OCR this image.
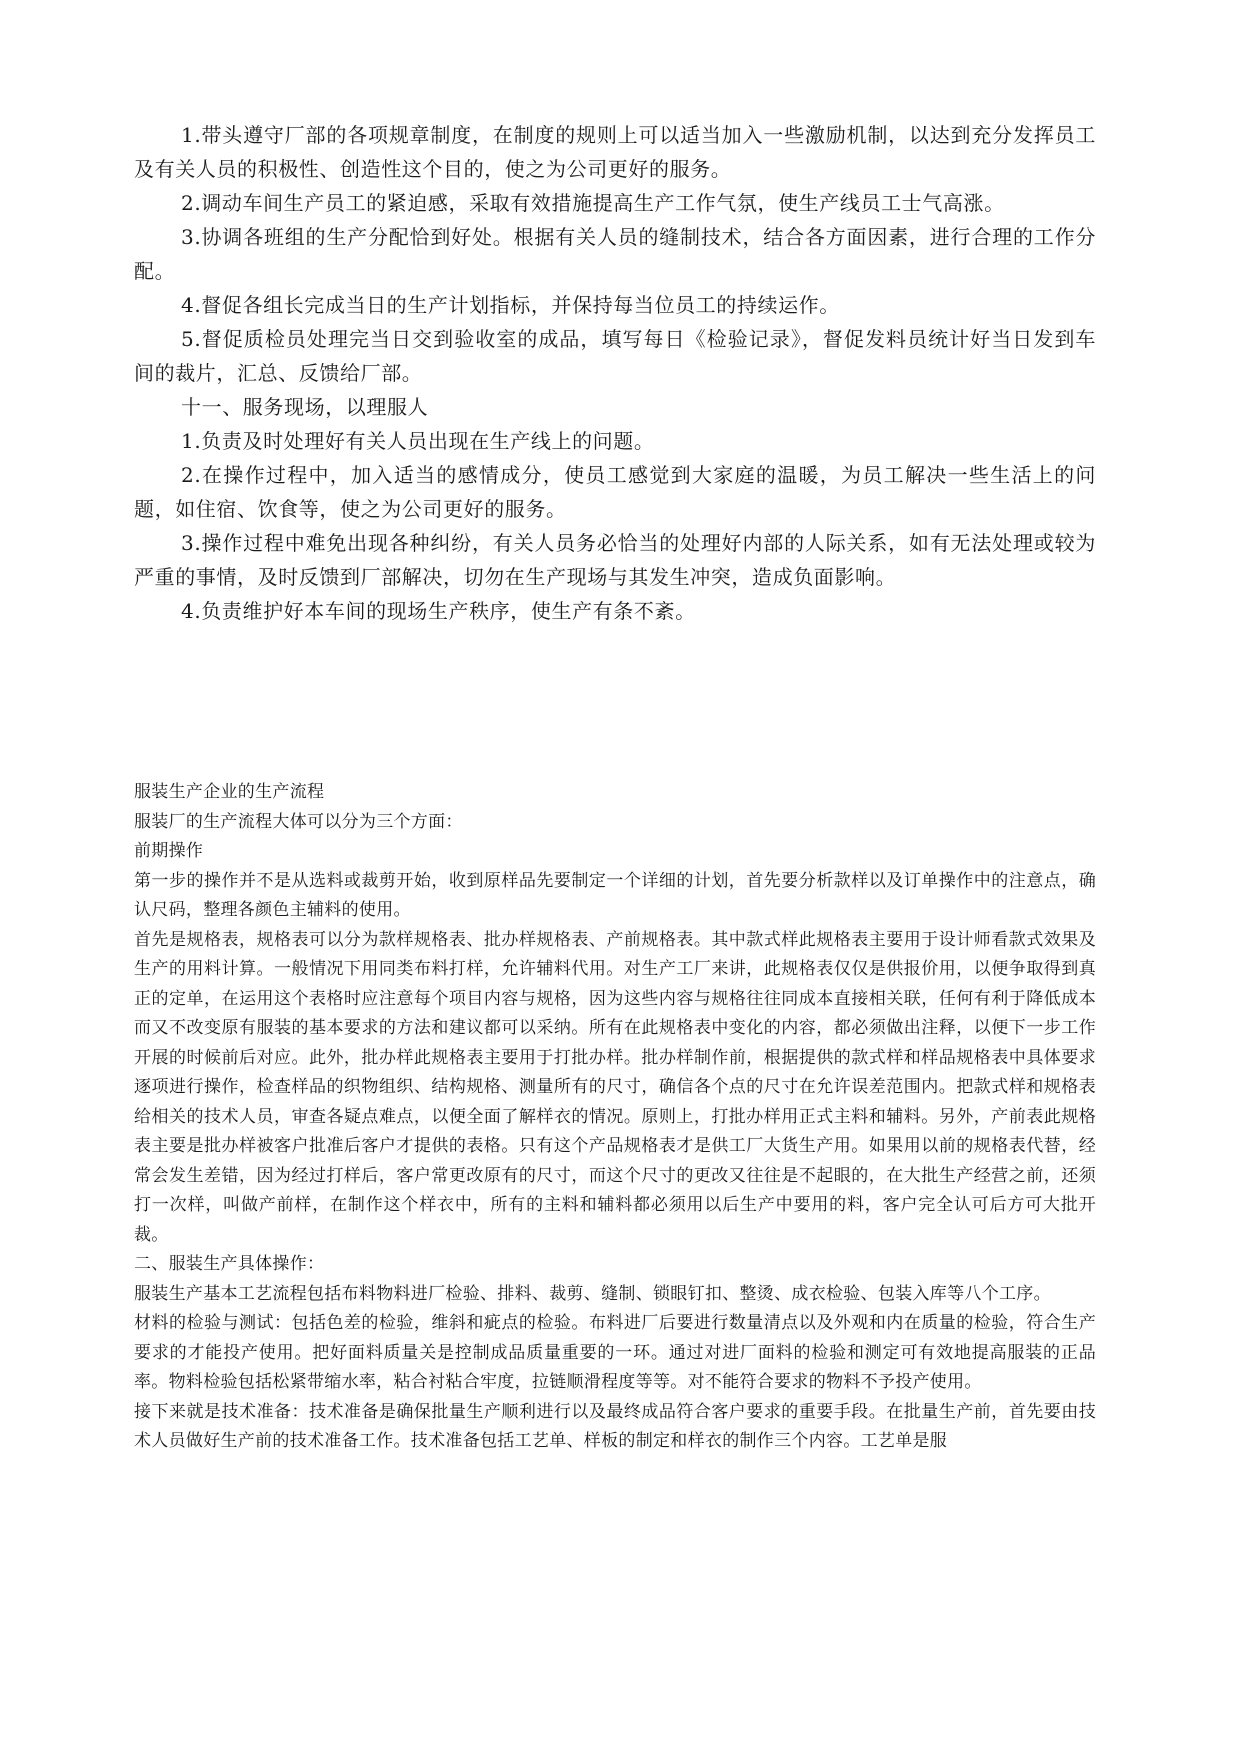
1.带头遵守厂部的各项规章制度，在制度的规则上可以适当加入一些激励机制，以达到充分发挥员工及有关人员的积极性、创造性这个目的，使之为公司更好的服务。

2.调动车间生产员工的紧迫感，采取有效措施提高生产工作气氛，使生产线员工士气高涨。

3.协调各班组的生产分配恰到好处。根据有关人员的缝制技术，结合各方面因素，进行合理的工作分配。

4.督促各组长完成当日的生产计划指标，并保持每当位员工的持续运作。

5.督促质检员处理完当日交到验收室的成品，填写每日《检验记录》，督促发料员统计好当日发到车间的裁片，汇总、反馈给厂部。

十一、服务现场，以理服人

1.负责及时处理好有关人员出现在生产线上的问题。

2.在操作过程中，加入适当的感情成分，使员工感觉到大家庭的温暖，为员工解决一些生活上的问题，如住宿、饮食等，使之为公司更好的服务。

3.操作过程中难免出现各种纠纷，有关人员务必恰当的处理好内部的人际关系，如有无法处理或较为严重的事情，及时反馈到厂部解决，切勿在生产现场与其发生冲突，造成负面影响。

4.负责维护好本车间的现场生产秩序，使生产有条不紊。

服装生产企业的生产流程

服装厂的生产流程大体可以分为三个方面：

前期操作

第一步的操作并不是从选料或裁剪开始，收到原样品先要制定一个详细的计划，首先要分析款样以及订单操作中的注意点，确认尺码，整理各颜色主辅料的使用。

首先是规格表，规格表可以分为款样规格表、批办样规格表、产前规格表。其中款式样此规格表主要用于设计师看款式效果及生产的用料计算。一般情况下用同类布料打样，允许辅料代用。对生产工厂来讲，此规格表仅仅是供报价用，以便争取得到真正的定单，在运用这个表格时应注意每个项目内容与规格，因为这些内容与规格往往同成本直接相关联，任何有利于降低成本而又不改变原有服装的基本要求的方法和建议都可以采纳。所有在此规格表中变化的内容，都必须做出注释，以便下一步工作开展的时候前后对应。此外，批办样此规格表主要用于打批办样。批办样制作前，根据提供的款式样和样品规格表中具体要求逐项进行操作，检查样品的织物组织、结构规格、测量所有的尺寸，确信各个点的尺寸在允许误差范围内。把款式样和规格表给相关的技术人员，审查各疑点难点，以便全面了解样衣的情况。原则上，打批办样用正式主料和辅料。另外，产前表此规格表主要是批办样被客户批准后客户才提供的表格。只有这个产品规格表才是供工厂大货生产用。如果用以前的规格表代替，经常会发生差错，因为经过打样后，客户常更改原有的尺寸，而这个尺寸的更改又往往是不起眼的，在大批生产经营之前，还须打一次样，叫做产前样，在制作这个样衣中，所有的主料和辅料都必须用以后生产中要用的料，客户完全认可后方可大批开裁。

二、服装生产具体操作：

服装生产基本工艺流程包括布料物料进厂检验、排料、裁剪、缝制、锁眼钉扣、整烫、成衣检验、包装入库等八个工序。

材料的检验与测试：包括色差的检验，维斜和疵点的检验。布料进厂后要进行数量清点以及外观和内在质量的检验，符合生产要求的才能投产使用。把好面料质量关是控制成品质量重要的一环。通过对进厂面料的检验和测定可有效地提高服装的正品率。物料检验包括松紧带缩水率，粘合衬粘合牢度，拉链顺滑程度等等。对不能符合要求的物料不予投产使用。

接下来就是技术准备：技术准备是确保批量生产顺利进行以及最终成品符合客户要求的重要手段。在批量生产前，首先要由技术人员做好生产前的技术准备工作。技术准备包括工艺单、样板的制定和样衣的制作三个内容。工艺单是服
